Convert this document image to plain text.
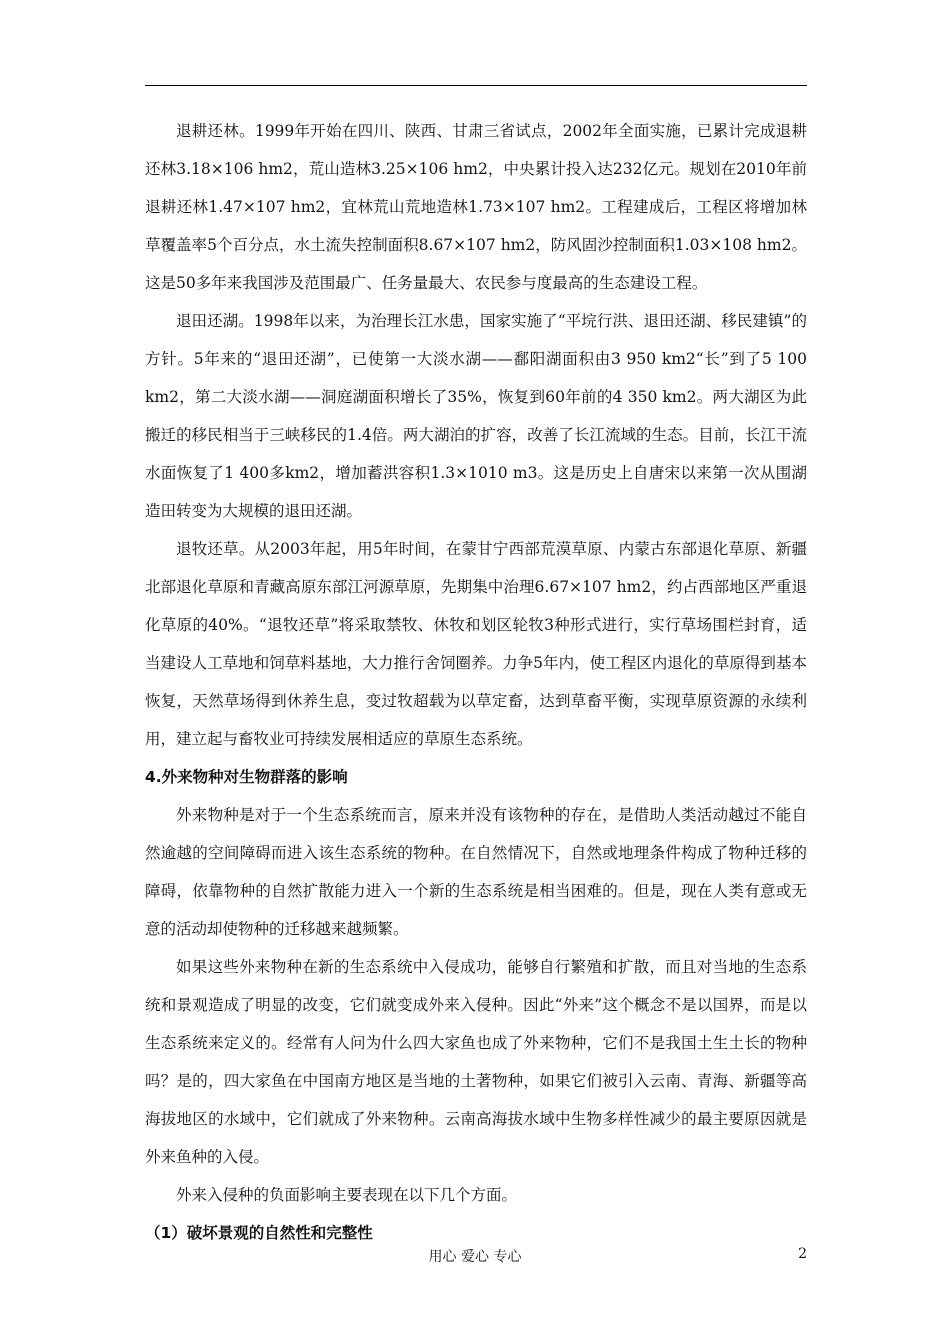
退耕还林。1999年开始在四川、陕西、甘肃三省试点，2002年全面实施，已累计完成退耕还林3.18×106 hm2，荒山造林3.25×106 hm2，中央累计投入达232亿元。规划在2010年前退耕还林1.47×107 hm2，宜林荒山荒地造林1.73×107 hm2。工程建成后，工程区将增加林草覆盖率5个百分点，水土流失控制面积8.67×107 hm2，防风固沙控制面积1.03×108 hm2。这是50多年来我国涉及范围最广、任务量最大、农民参与度最高的生态建设工程。

退田还湖。1998年以来，为治理长江水患，国家实施了“平垸行洪、退田还湖、移民建镇”的方针。5年来的“退田还湖”，已使第一大淡水湖——鄱阳湖面积由3 950 km2“长”到了5 100 km2，第二大淡水湖——洞庭湖面积增长了35%，恢复到60年前的4 350 km2。两大湖区为此搬迁的移民相当于三峡移民的1.4倍。两大湖泊的扩容，改善了长江流域的生态。目前，长江干流水面恢复了1 400多km2，增加蓄洪容积1.3×1010 m3。这是历史上自唐宋以来第一次从围湖造田转变为大规模的退田还湖。

退牧还草。从2003年起，用5年时间，在蒙甘宁西部荒漠草原、内蒙古东部退化草原、新疆北部退化草原和青藏高原东部江河源草原，先期集中治理6.67×107 hm2，约占西部地区严重退化草原的40%。“退牧还草”将采取禁牧、休牧和划区轮牧3种形式进行，实行草场围栏封育，适当建设人工草地和饲草料基地，大力推行舍饲圈养。力争5年内，使工程区内退化的草原得到基本恢复，天然草场得到休养生息，变过牧超载为以草定畜，达到草畜平衡，实现草原资源的永续利用，建立起与畜牧业可持续发展相适应的草原生态系统。

4.外来物种对生物群落的影响

外来物种是对于一个生态系统而言，原来并没有该物种的存在，是借助人类活动越过不能自然逾越的空间障碍而进入该生态系统的物种。在自然情况下，自然或地理条件构成了物种迁移的障碍，依靠物种的自然扩散能力进入一个新的生态系统是相当困难的。但是，现在人类有意或无意的活动却使物种的迁移越来越频繁。

如果这些外来物种在新的生态系统中入侵成功，能够自行繁殖和扩散，而且对当地的生态系统和景观造成了明显的改变，它们就变成外来入侵种。因此“外来”这个概念不是以国界，而是以生态系统来定义的。经常有人问为什么四大家鱼也成了外来物种，它们不是我国土生土长的物种吗？是的，四大家鱼在中国南方地区是当地的土著物种，如果它们被引入云南、青海、新疆等高海拔地区的水域中，它们就成了外来物种。云南高海拔水域中生物多样性减少的最主要原因就是外来鱼种的入侵。

外来入侵种的负面影响主要表现在以下几个方面。

（1）破坏景观的自然性和完整性
用心 爱心 专心	2
